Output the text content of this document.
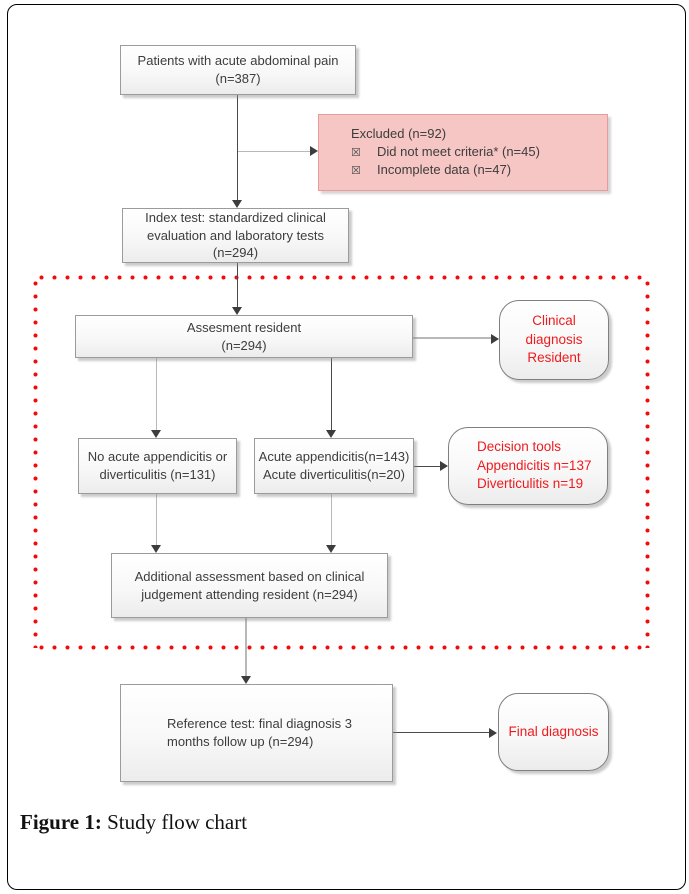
Patients with acute abdominal pain
(n=387)
Excluded (n=92)
☒	Did not meet criteria* (n=45)
☒	Incomplete data (n=47)
Index test: standardized clinical
evaluation and laboratory tests
(n=294)
Assesment resident
(n=294)
Clinical
diagnosis
Resident
No acute appendicitis or
diverticulitis (n=131)
Acute appendicitis(n=143)
Acute diverticulitis(n=20)
Decision tools
Appendicitis n=137
Diverticulitis n=19
Additional assessment based on clinical
judgement attending resident (n=294)
Reference test: final diagnosis 3
months follow up (n=294)
Final diagnosis
Figure 1: Study flow chart
